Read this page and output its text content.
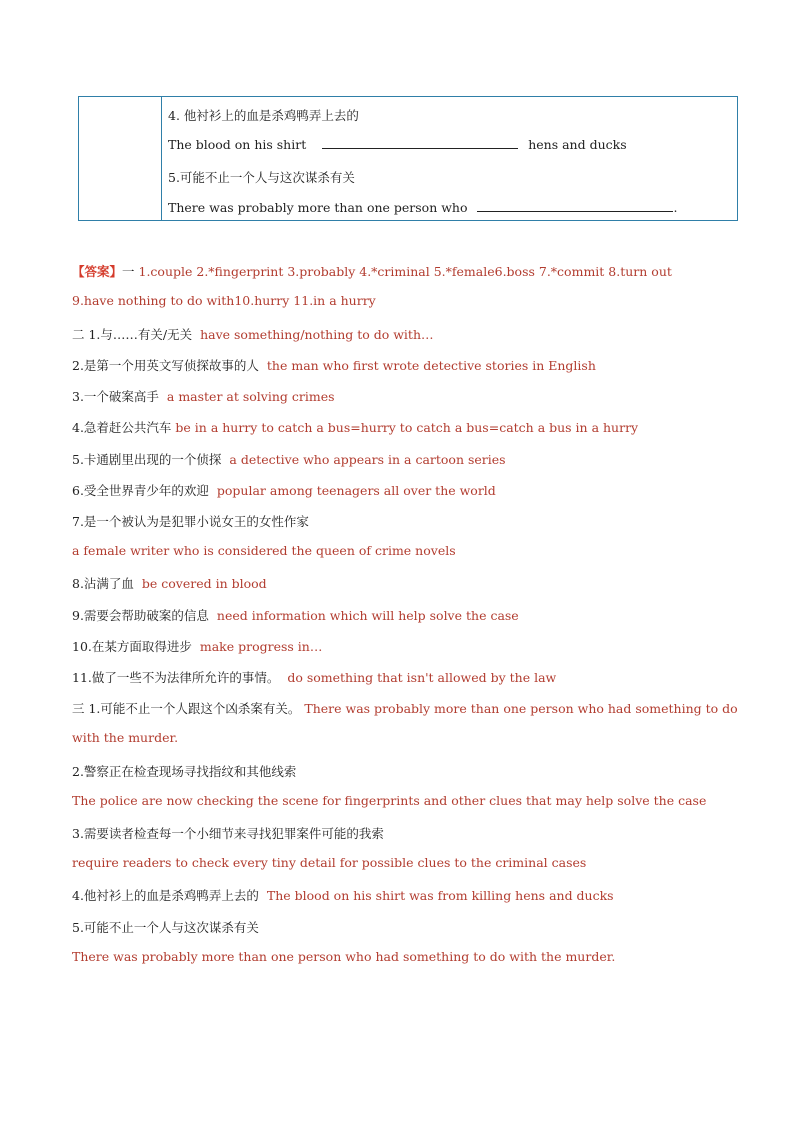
4. 他衬衫上的血是杀鸡鸭弄上去的
The blood on his shirt	hens and ducks
5.可能不止一个人与这次谋杀有关
There was probably more than one person who	.
【答案】一 1.couple 2.*fingerprint 3.probably 4.*criminal 5.*female6.boss 7.*commit 8.turn out
9.have nothing to do with10.hurry 11.in a hurry
二 1.与……有关/无关 have something/nothing to do with…
2.是第一个用英文写侦探故事的人 the man who first wrote detective stories in English
3.一个破案高手 a master at solving crimes
4.急着赶公共汽车 be in a hurry to catch a bus=hurry to catch a bus=catch a bus in a hurry
5.卡通剧里出现的一个侦探 a detective who appears in a cartoon series
6.受全世界青少年的欢迎 popular among teenagers all over the world
7.是一个被认为是犯罪小说女王的女性作家
a female writer who is considered the queen of crime novels
8.沾满了血 be covered in blood
9.需要会帮助破案的信息 need information which will help solve the case
10.在某方面取得进步 make progress in…
11.做了一些不为法律所允许的事情。 do something that isn't allowed by the law
三 1.可能不止一个人跟这个凶杀案有关。 There was probably more than one person who had something to do
with the murder.
2.警察正在检查现场寻找指纹和其他线索
The police are now checking the scene for fingerprints and other clues that may help solve the case
3.需要读者检查每一个小细节来寻找犯罪案件可能的我索
require readers to check every tiny detail for possible clues to the criminal cases
4.他衬衫上的血是杀鸡鸭弄上去的 The blood on his shirt was from killing hens and ducks
5.可能不止一个人与这次谋杀有关
There was probably more than one person who had something to do with the murder.
